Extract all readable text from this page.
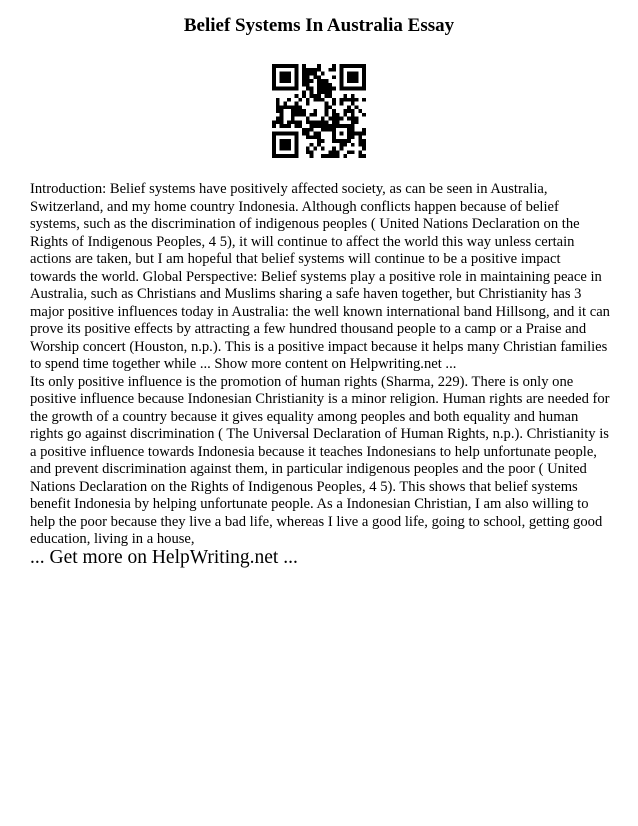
Belief Systems In Australia Essay

Introduction: Belief systems have positively affected society, as can be seen in Australia, Switzerland, and my home country Indonesia. Although conflicts happen because of belief systems, such as the discrimination of indigenous peoples ( United Nations Declaration on the Rights of Indigenous Peoples, 4 5), it will continue to affect the world this way unless certain actions are taken, but I am hopeful that belief systems will continue to be a positive impact towards the world. Global Perspective: Belief systems play a positive role in maintaining peace in Australia, such as Christians and Muslims sharing a safe haven together, but Christianity has 3 major positive influences today in Australia: the well known international band Hillsong, and it can prove its positive effects by attracting a few hundred thousand people to a camp or a Praise and Worship concert (Houston, n.p.). This is a positive impact because it helps many Christian families to spend time together while ... Show more content on Helpwriting.net ...

Its only positive influence is the promotion of human rights (Sharma, 229). There is only one positive influence because Indonesian Christianity is a minor religion. Human rights are needed for the growth of a country because it gives equality among peoples and both equality and human rights go against discrimination ( The Universal Declaration of Human Rights, n.p.). Christianity is a positive influence towards Indonesia because it teaches Indonesians to help unfortunate people, and prevent discrimination against them, in particular indigenous peoples and the poor ( United Nations Declaration on the Rights of Indigenous Peoples, 4 5). This shows that belief systems benefit Indonesia by helping unfortunate people. As a Indonesian Christian, I am also willing to help the poor because they live a bad life, whereas I live a good life, going to school, getting good education, living in a house,

... Get more on HelpWriting.net ...
